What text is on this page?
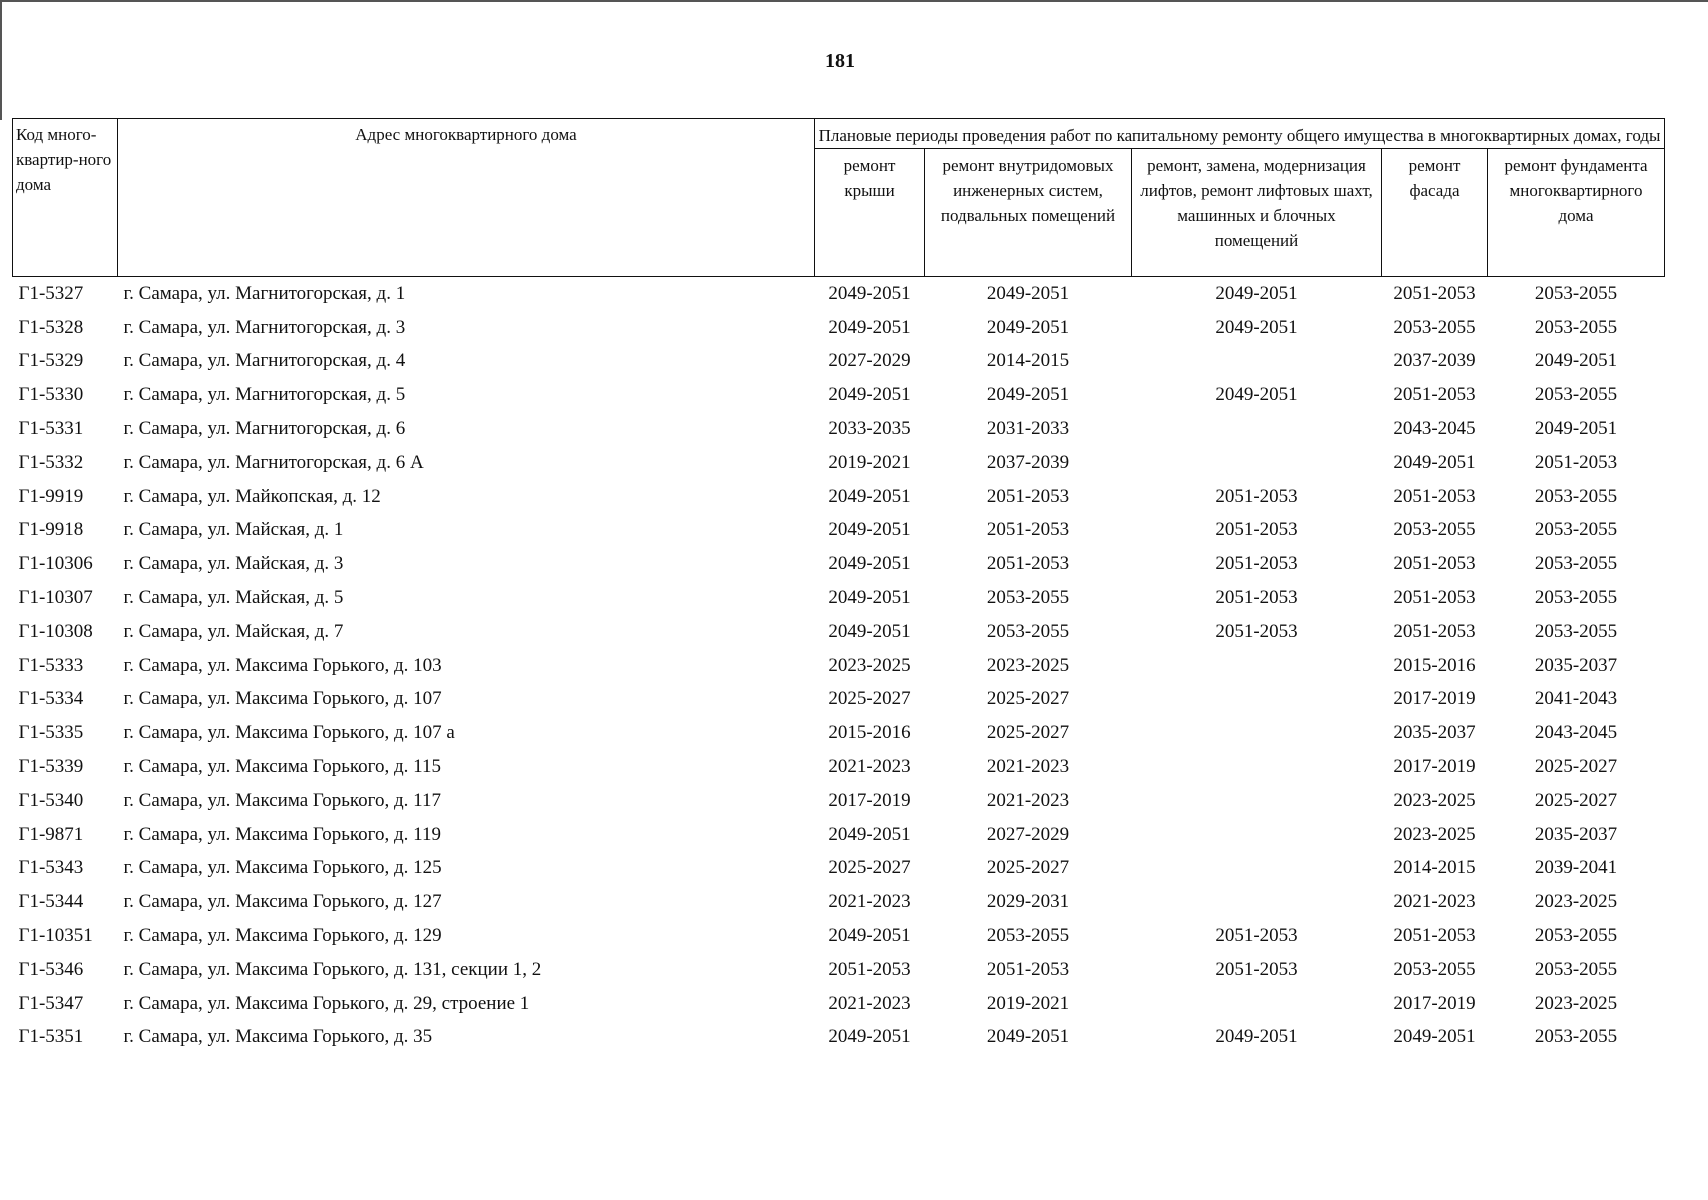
181
Код много-квартир-ного дома	Адрес многоквартирного дома	Плановые периоды проведения работ по капитальному ремонту общего имущества в многоквартирных домах, годы				
		ремонт крыши	ремонт внутридомовых инженерных систем, подвальных помещений	ремонт, замена, модернизация лифтов, ремонт лифтовых шахт, машинных и блочных помещений	ремонт фасада	ремонт фундамента многоквартирного дома
Г1-5327	г. Самара, ул. Магнитогорская, д. 1	2049-2051	2049-2051	2049-2051	2051-2053	2053-2055
Г1-5328	г. Самара, ул. Магнитогорская, д. 3	2049-2051	2049-2051	2049-2051	2053-2055	2053-2055
Г1-5329	г. Самара, ул. Магнитогорская, д. 4	2027-2029	2014-2015		2037-2039	2049-2051
Г1-5330	г. Самара, ул. Магнитогорская, д. 5	2049-2051	2049-2051	2049-2051	2051-2053	2053-2055
Г1-5331	г. Самара, ул. Магнитогорская, д. 6	2033-2035	2031-2033		2043-2045	2049-2051
Г1-5332	г. Самара, ул. Магнитогорская, д. 6 А	2019-2021	2037-2039		2049-2051	2051-2053
Г1-9919	г. Самара, ул. Майкопская, д. 12	2049-2051	2051-2053	2051-2053	2051-2053	2053-2055
Г1-9918	г. Самара, ул. Майская, д. 1	2049-2051	2051-2053	2051-2053	2053-2055	2053-2055
Г1-10306	г. Самара, ул. Майская, д. 3	2049-2051	2051-2053	2051-2053	2051-2053	2053-2055
Г1-10307	г. Самара, ул. Майская, д. 5	2049-2051	2053-2055	2051-2053	2051-2053	2053-2055
Г1-10308	г. Самара, ул. Майская, д. 7	2049-2051	2053-2055	2051-2053	2051-2053	2053-2055
Г1-5333	г. Самара, ул. Максима Горького, д. 103	2023-2025	2023-2025		2015-2016	2035-2037
Г1-5334	г. Самара, ул. Максима Горького, д. 107	2025-2027	2025-2027		2017-2019	2041-2043
Г1-5335	г. Самара, ул. Максима Горького, д. 107 а	2015-2016	2025-2027		2035-2037	2043-2045
Г1-5339	г. Самара, ул. Максима Горького, д. 115	2021-2023	2021-2023		2017-2019	2025-2027
Г1-5340	г. Самара, ул. Максима Горького, д. 117	2017-2019	2021-2023		2023-2025	2025-2027
Г1-9871	г. Самара, ул. Максима Горького, д. 119	2049-2051	2027-2029		2023-2025	2035-2037
Г1-5343	г. Самара, ул. Максима Горького, д. 125	2025-2027	2025-2027		2014-2015	2039-2041
Г1-5344	г. Самара, ул. Максима Горького, д. 127	2021-2023	2029-2031		2021-2023	2023-2025
Г1-10351	г. Самара, ул. Максима Горького, д. 129	2049-2051	2053-2055	2051-2053	2051-2053	2053-2055
Г1-5346	г. Самара, ул. Максима Горького, д. 131, секции 1, 2	2051-2053	2051-2053	2051-2053	2053-2055	2053-2055
Г1-5347	г. Самара, ул. Максима Горького, д. 29, строение 1	2021-2023	2019-2021		2017-2019	2023-2025
Г1-5351	г. Самара, ул. Максима Горького, д. 35	2049-2051	2049-2051	2049-2051	2049-2051	2053-2055
